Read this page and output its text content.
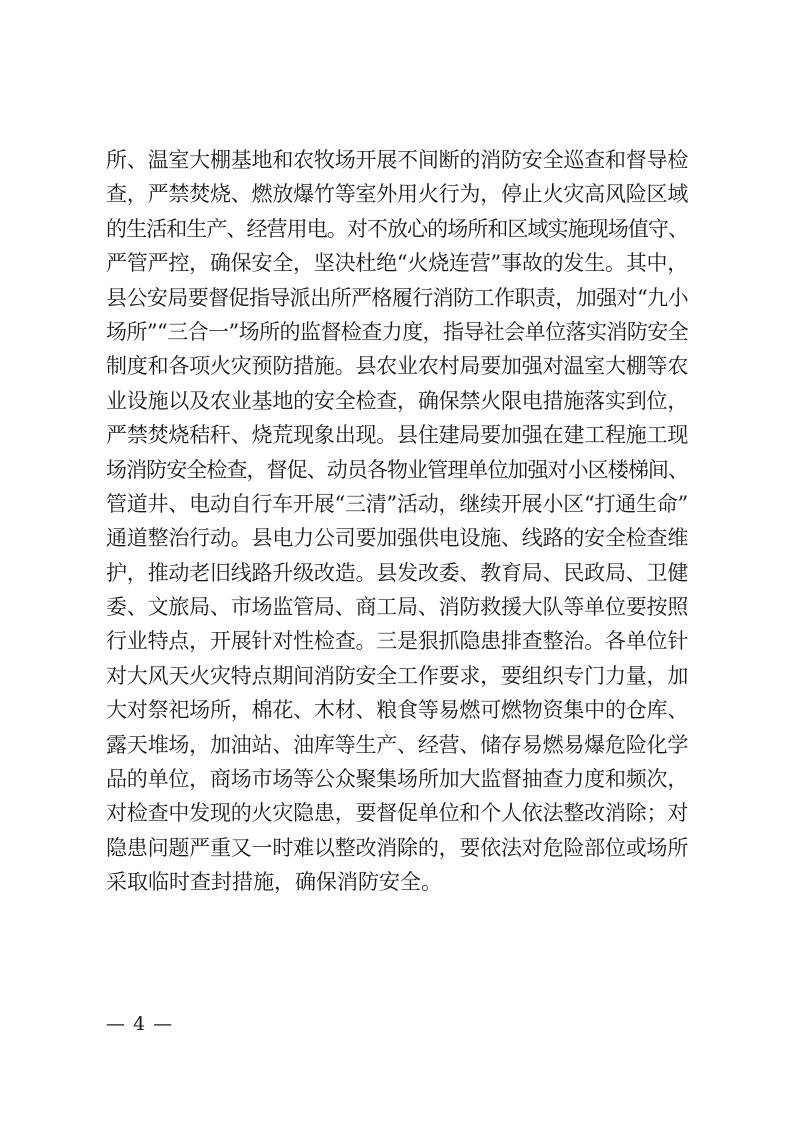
所、温室大棚基地和农牧场开展不间断的消防安全巡查和督导检
查，严禁焚烧、燃放爆竹等室外用火行为，停止火灾高风险区域
的生活和生产、经营用电。对不放心的场所和区域实施现场值守、
严管严控，确保安全，坚决杜绝“火烧连营”事故的发生。其中，
县公安局要督促指导派出所严格履行消防工作职责，加强对“九小
场所”“三合一”场所的监督检查力度，指导社会单位落实消防安全
制度和各项火灾预防措施。县农业农村局要加强对温室大棚等农
业设施以及农业基地的安全检查，确保禁火限电措施落实到位，
严禁焚烧秸秆、烧荒现象出现。县住建局要加强在建工程施工现
场消防安全检查，督促、动员各物业管理单位加强对小区楼梯间、
管道井、电动自行车开展“三清”活动，继续开展小区“打通生命”
通道整治行动。县电力公司要加强供电设施、线路的安全检查维
护，推动老旧线路升级改造。县发改委、教育局、民政局、卫健
委、文旅局、市场监管局、商工局、消防救援大队等单位要按照
行业特点，开展针对性检查。三是狠抓隐患排查整治。各单位针
对大风天火灾特点期间消防安全工作要求，要组织专门力量，加
大对祭祀场所，棉花、木材、粮食等易燃可燃物资集中的仓库、
露天堆场，加油站、油库等生产、经营、储存易燃易爆危险化学
品的单位，商场市场等公众聚集场所加大监督抽查力度和频次，
对检查中发现的火灾隐患，要督促单位和个人依法整改消除；对
隐患问题严重又一时难以整改消除的，要依法对危险部位或场所
采取临时查封措施，确保消防安全。
— 4 —
